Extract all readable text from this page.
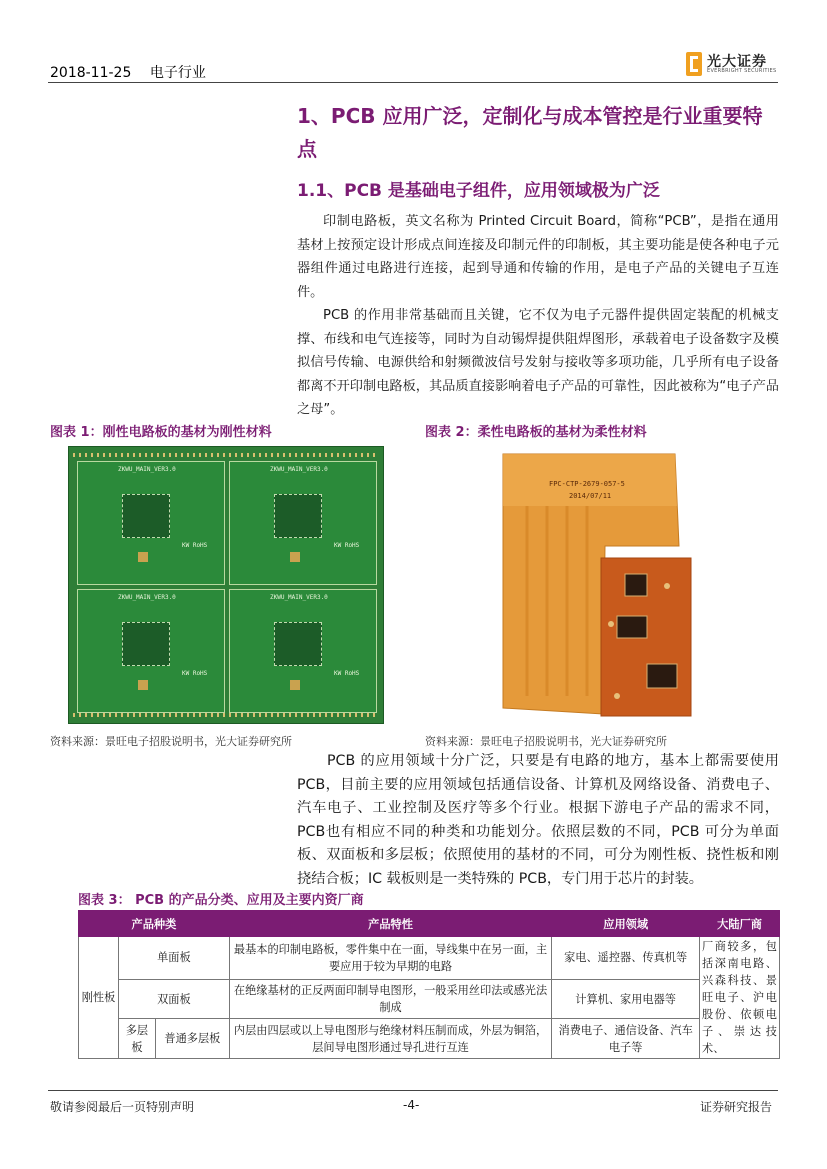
2018-11-25 电子行业
光大证券
EVERBRIGHT SECURITIES
1、PCB 应用广泛，定制化与成本管控是行业重要特点
1.1、PCB 是基础电子组件，应用领域极为广泛
印制电路板，英文名称为 Printed Circuit Board，简称“PCB”，是指在通用基材上按预定设计形成点间连接及印制元件的印制板，其主要功能是使各种电子元器组件通过电路进行连接，起到导通和传输的作用，是电子产品的关键电子互连件。
PCB 的作用非常基础而且关键，它不仅为电子元器件提供固定装配的机械支撑、布线和电气连接等，同时为自动锡焊提供阻焊图形，承载着电子设备数字及模拟信号传输、电源供给和射频微波信号发射与接收等多项功能，几乎所有电子设备都离不开印制电路板，其品质直接影响着电子产品的可靠性，因此被称为“电子产品之母”。
图表 1：刚性电路板的基材为刚性材料	图表 2：柔性电路板的基材为柔性材料
ZKWU_MAIN_VER3.0
KW RoHS
ZKWU_MAIN_VER3.0
KW RoHS
ZKWU_MAIN_VER3.0
KW RoHS
ZKWU_MAIN_VER3.0
KW RoHS
FPC-CTP-2679-057-5
2014/07/11
资料来源：景旺电子招股说明书，光大证券研究所	资料来源：景旺电子招股说明书，光大证券研究所
PCB 的应用领域十分广泛，只要是有电路的地方，基本上都需要使用PCB，目前主要的应用领域包括通信设备、计算机及网络设备、消费电子、汽车电子、工业控制及医疗等多个行业。根据下游电子产品的需求不同，PCB也有相应不同的种类和功能划分。依照层数的不同，PCB 可分为单面板、双面板和多层板；依照使用的基材的不同，可分为刚性板、挠性板和刚挠结合板；IC 载板则是一类特殊的 PCB，专门用于芯片的封装。
图表 3： PCB 的产品分类、应用及主要内资厂商
产品种类			产品特性	应用领域	大陆厂商
刚性板	单面板		最基本的印制电路板，零件集中在一面，导线集中在另一面，主要应用于较为早期的电路	家电、遥控器、传真机等	厂商较多，包括深南电路、兴森科技、景旺电子、沪电股份、依顿电子、崇达技术、
	双面板		在绝缘基材的正反两面印制导电图形，一般采用丝印法或感光法制成	计算机、家用电器等	
	多层板	普通多层板	内层由四层或以上导电图形与绝缘材料压制而成，外层为铜箔，层间导电图形通过导孔进行互连	消费电子、通信设备、汽车电子等	
敬请参阅最后一页特别声明	-4-	证券研究报告
